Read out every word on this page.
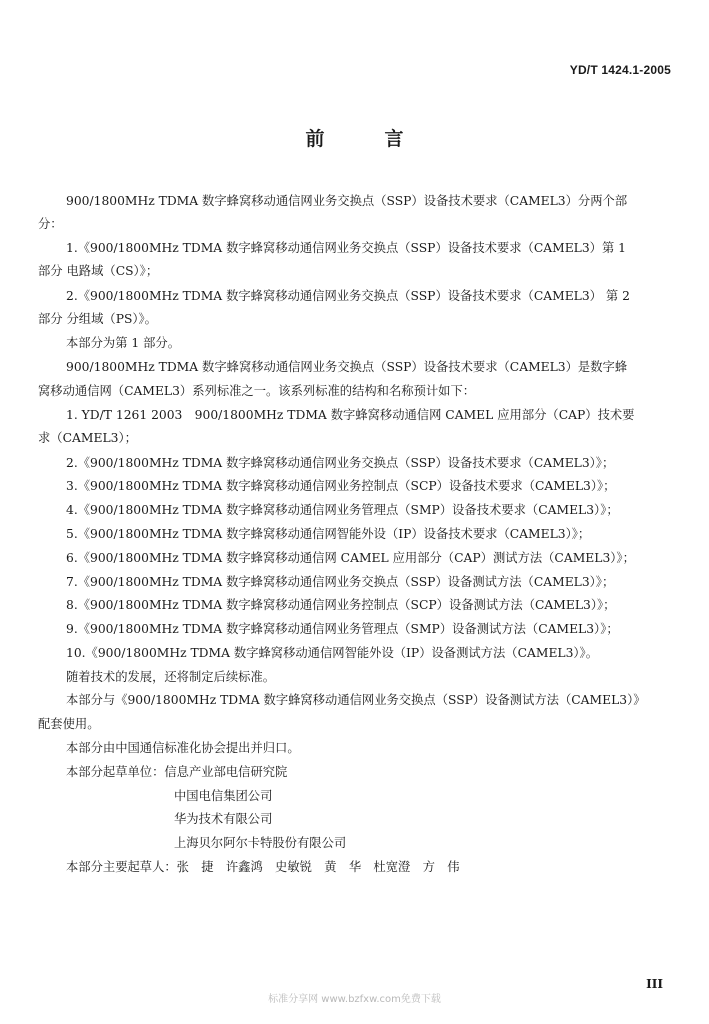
YD/T 1424.1-2005
前言
900/1800MHz TDMA 数字蜂窝移动通信网业务交换点（SSP）设备技术要求（CAMEL3）分两个部
分：
1.《900/1800MHz TDMA 数字蜂窝移动通信网业务交换点（SSP）设备技术要求（CAMEL3）第 1
部分 电路域（CS）》；
2.《900/1800MHz TDMA 数字蜂窝移动通信网业务交换点（SSP）设备技术要求（CAMEL3） 第 2
部分 分组域（PS）》。
本部分为第 1 部分。
900/1800MHz TDMA 数字蜂窝移动通信网业务交换点（SSP）设备技术要求（CAMEL3）是数字蜂
窝移动通信网（CAMEL3）系列标准之一。该系列标准的结构和名称预计如下：
1. YD/T 1261 2003　900/1800MHz TDMA 数字蜂窝移动通信网 CAMEL 应用部分（CAP）技术要
求（CAMEL3）；
2.《900/1800MHz TDMA 数字蜂窝移动通信网业务交换点（SSP）设备技术要求（CAMEL3）》；
3.《900/1800MHz TDMA 数字蜂窝移动通信网业务控制点（SCP）设备技术要求（CAMEL3）》；
4.《900/1800MHz TDMA 数字蜂窝移动通信网业务管理点（SMP）设备技术要求（CAMEL3）》；
5.《900/1800MHz TDMA 数字蜂窝移动通信网智能外设（IP）设备技术要求（CAMEL3）》；
6.《900/1800MHz TDMA 数字蜂窝移动通信网 CAMEL 应用部分（CAP）测试方法（CAMEL3）》；
7.《900/1800MHz TDMA 数字蜂窝移动通信网业务交换点（SSP）设备测试方法（CAMEL3）》；
8.《900/1800MHz TDMA 数字蜂窝移动通信网业务控制点（SCP）设备测试方法（CAMEL3）》；
9.《900/1800MHz TDMA 数字蜂窝移动通信网业务管理点（SMP）设备测试方法（CAMEL3）》；
10.《900/1800MHz TDMA 数字蜂窝移动通信网智能外设（IP）设备测试方法（CAMEL3）》。
随着技术的发展，还将制定后续标准。
本部分与《900/1800MHz TDMA 数字蜂窝移动通信网业务交换点（SSP）设备测试方法（CAMEL3）》
配套使用。
本部分由中国通信标准化协会提出并归口。
本部分起草单位：信息产业部电信研究院
中国电信集团公司
华为技术有限公司
上海贝尔阿尔卡特股份有限公司
本部分主要起草人：张　捷　许鑫鸿　史敏锐　黄　华　杜宽澄　方　伟
III
标准分享网 www.bzfxw.com免费下载
